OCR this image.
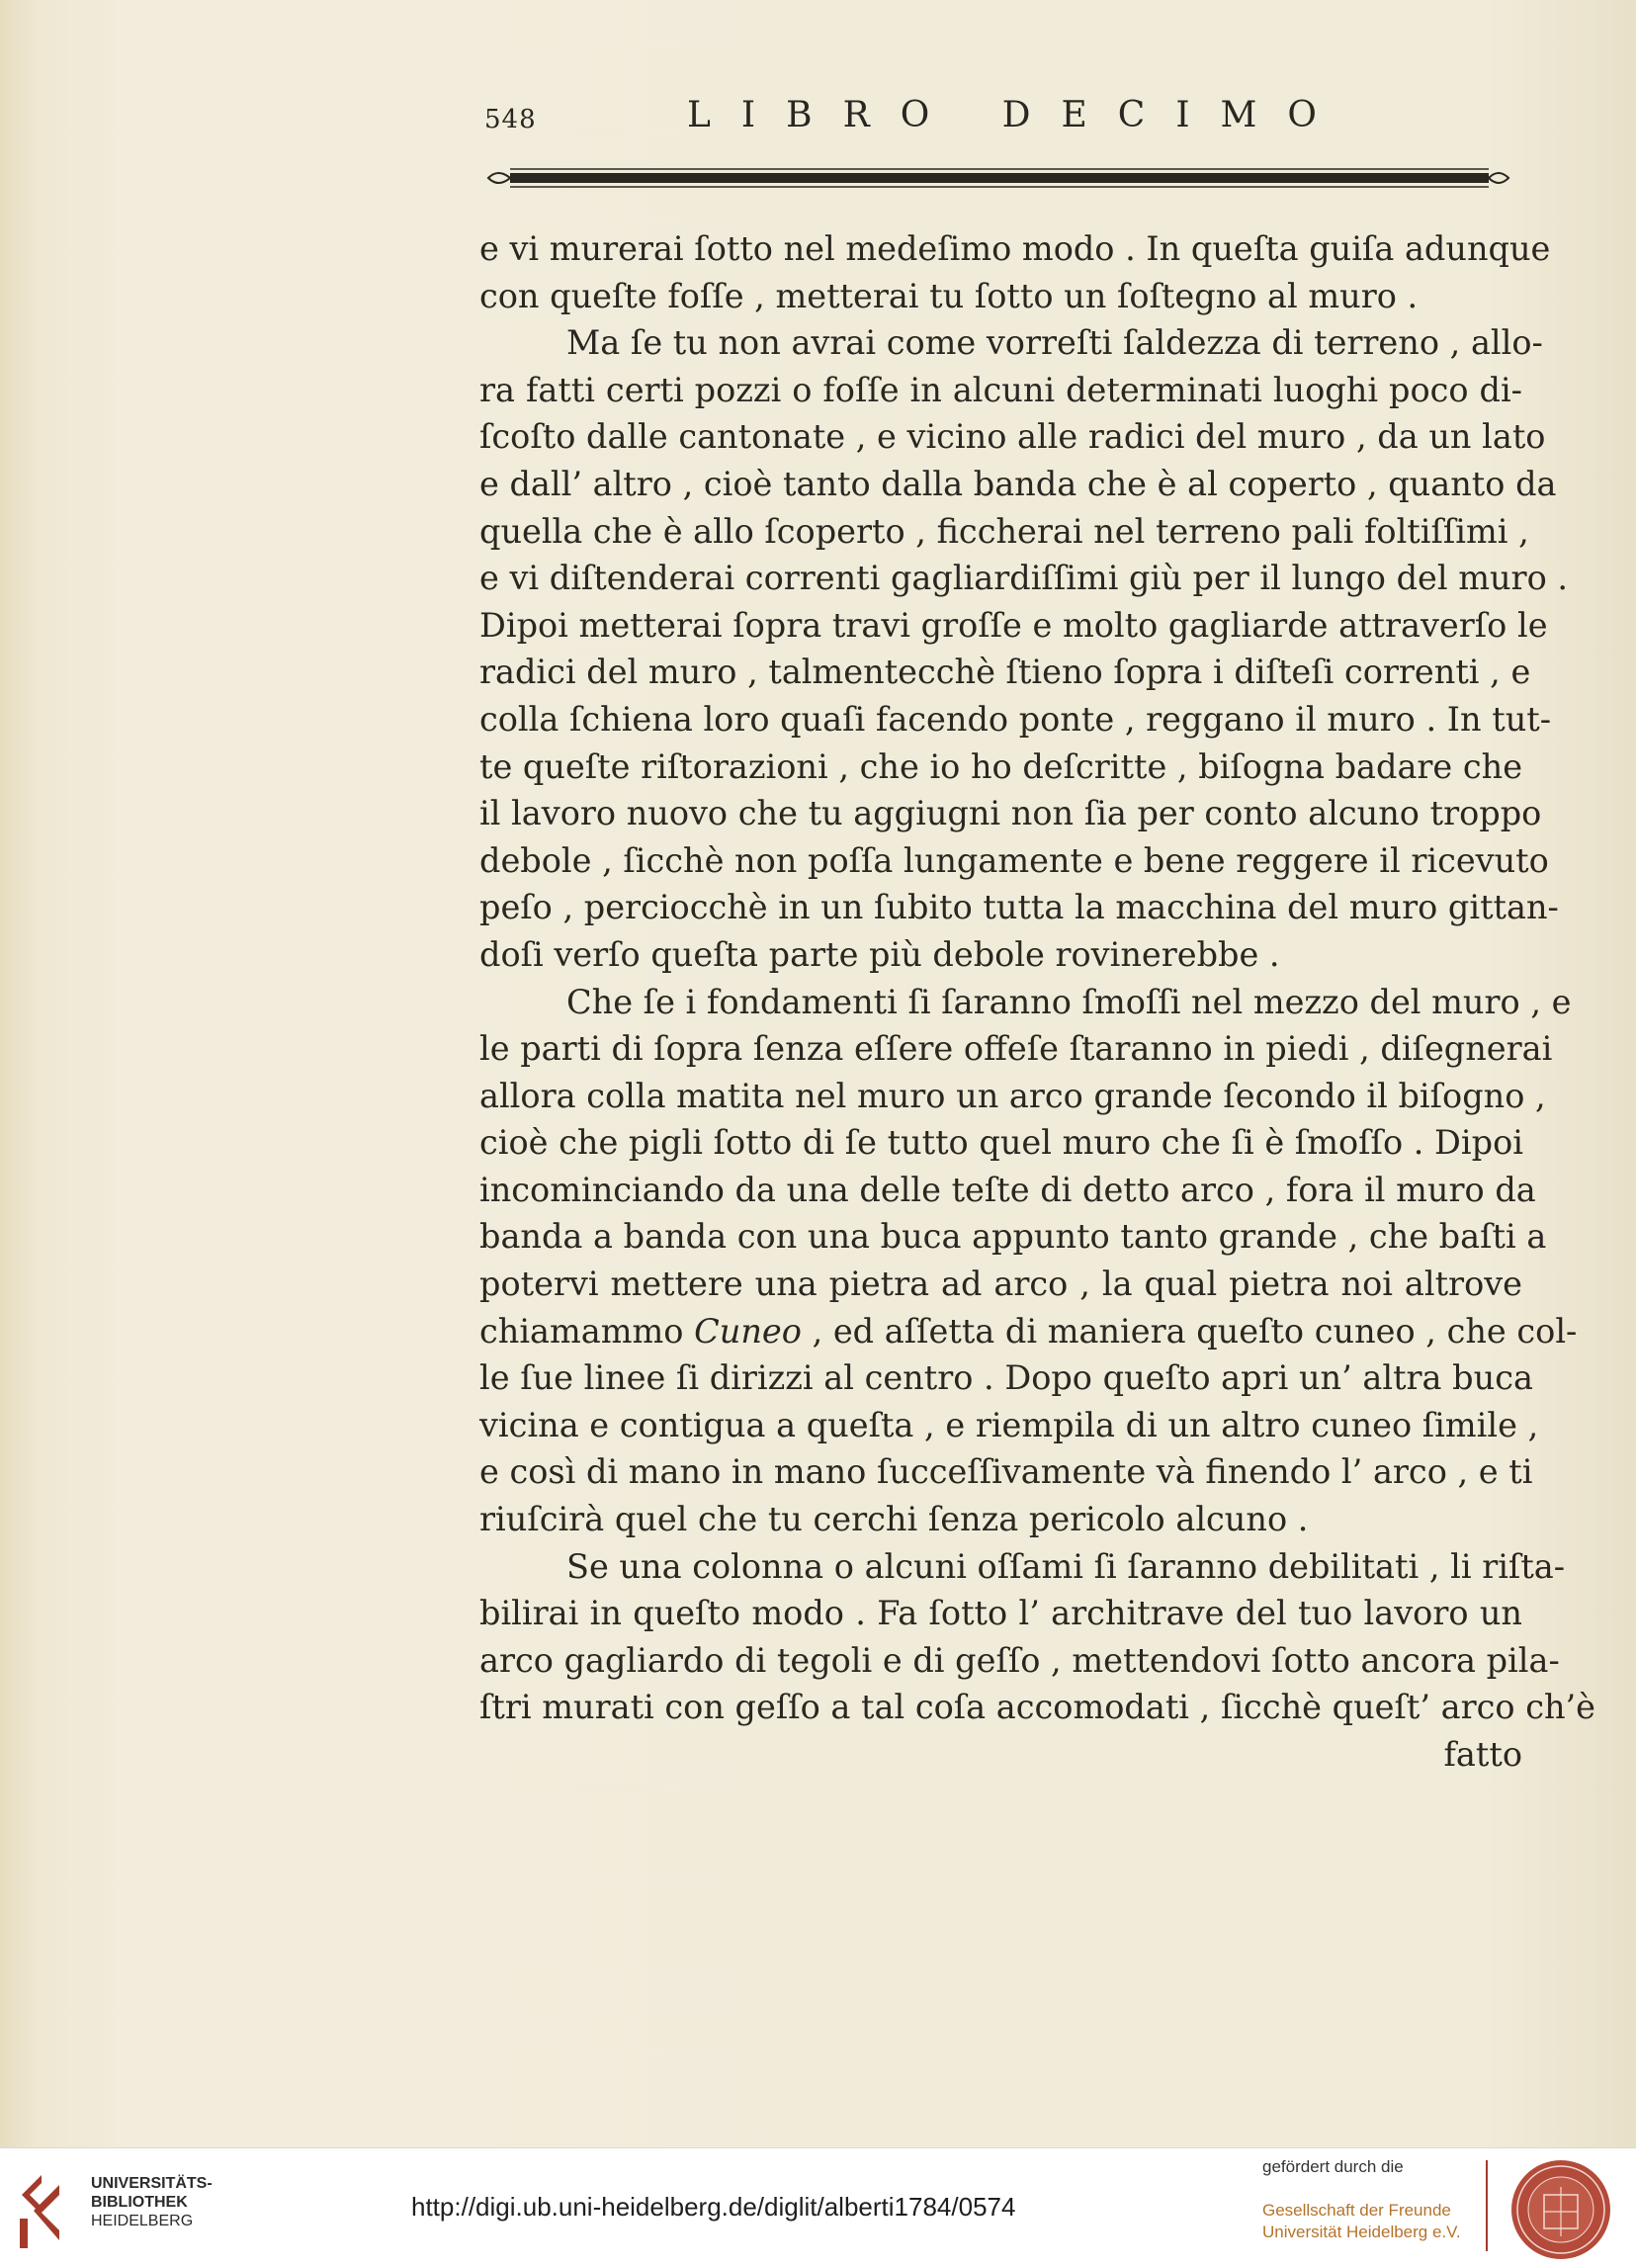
548	LIBRO DECIMO
e vi murerai ſotto nel medeſimo modo . In queſta guiſa adunque
con queſte foſſe , metterai tu ſotto un ſoſtegno al muro .
Ma ſe tu non avrai come vorreſti ſaldezza di terreno , allo-
ra fatti certi pozzi o foſſe in alcuni determinati luoghi poco di-
ſcoſto dalle cantonate , e vicino alle radici del muro , da un lato
e dall’ altro , cioè tanto dalla banda che è al coperto , quanto da
quella che è allo ſcoperto , ficcherai nel terreno pali foltiſſimi ,
e vi diſtenderai correnti gagliardiſſimi giù per il lungo del muro .
Dipoi metterai ſopra travi groſſe e molto gagliarde attraverſo le
radici del muro , talmentecchè ſtieno ſopra i diſteſi correnti , e
colla ſchiena loro quaſi facendo ponte , reggano il muro . In tut-
te queſte riſtorazioni , che io ho deſcritte , biſogna badare che
il lavoro nuovo che tu aggiugni non ſia per conto alcuno troppo
debole , ſicchè non poſſa lungamente e bene reggere il ricevuto
peſo , perciocchè in un ſubito tutta la macchina del muro gittan-
doſi verſo queſta parte più debole rovinerebbe .
Che ſe i fondamenti ſi ſaranno ſmoſſi nel mezzo del muro , e
le parti di ſopra ſenza eſſere offeſe ſtaranno in piedi , diſegnerai
allora colla matita nel muro un arco grande ſecondo il biſogno ,
cioè che pigli ſotto di ſe tutto quel muro che ſi è ſmoſſo . Dipoi
incominciando da una delle teſte di detto arco , fora il muro da
banda a banda con una buca appunto tanto grande , che baſti a
potervi mettere una pietra ad arco , la qual pietra noi altrove
chiamammo Cuneo , ed aſſetta di maniera queſto cuneo , che col-
le ſue linee ſi dirizzi al centro . Dopo queſto apri un’ altra buca
vicina e contigua a queſta , e riempila di un altro cuneo ſimile ,
e così di mano in mano ſucceſſivamente và finendo l’ arco , e ti
riuſcirà quel che tu cerchi ſenza pericolo alcuno .
Se una colonna o alcuni oſſami ſi ſaranno debilitati , li riſta-
bilirai in queſto modo . Fa ſotto l’ architrave del tuo lavoro un
arco gagliardo di tegoli e di geſſo , mettendovi ſotto ancora pila-
ſtri murati con geſſo a tal coſa accomodati , ſicchè queſt’ arco ch’è
fatto
UNIVERSITÄTS-
BIBLIOTHEK
HEIDELBERG	http://digi.ub.uni-heidelberg.de/diglit/alberti1784/0574
gefördert durch die
Gesellschaft der Freunde
Universität Heidelberg e.V.
